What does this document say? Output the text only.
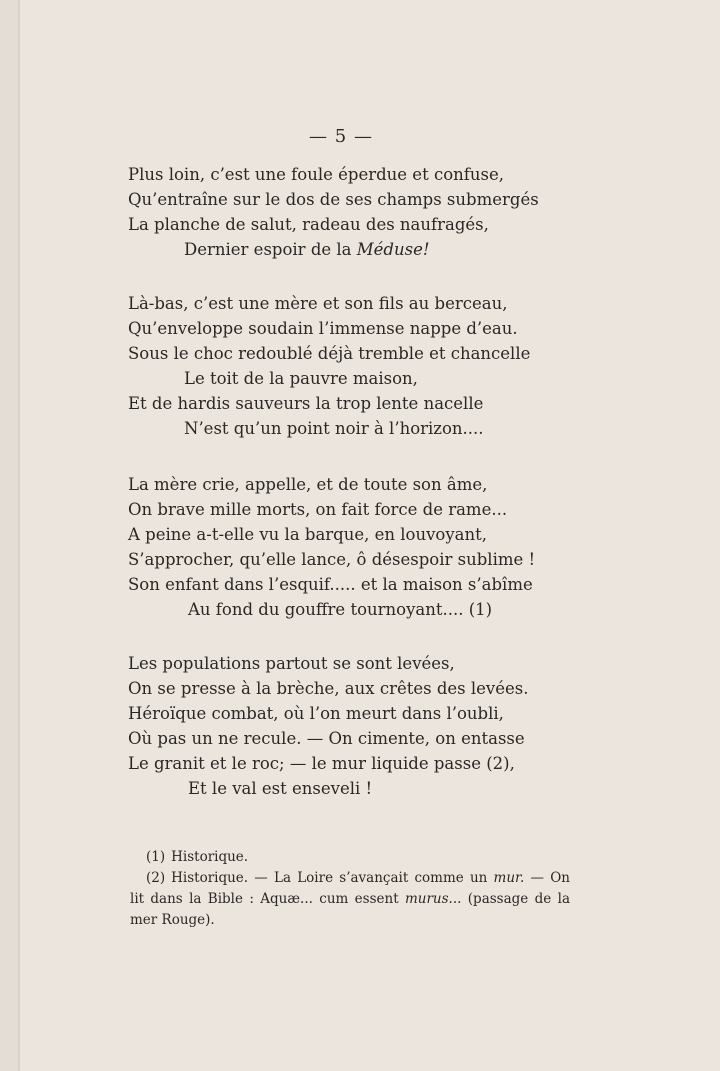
— 5 —
Plus loin, c’est une foule éperdue et confuse,
Qu’entraîne sur le dos de ses champs submergés
La planche de salut, radeau des naufragés,
Dernier espoir de la Méduse!
Là-bas, c’est une mère et son fils au berceau,
Qu’enveloppe soudain l’immense nappe d’eau.
Sous le choc redoublé déjà tremble et chancelle
Le toit de la pauvre maison,
Et de hardis sauveurs la trop lente nacelle
N’est qu’un point noir à l’horizon....
La mère crie, appelle, et de toute son âme,
On brave mille morts, on fait force de rame...
A peine a-t-elle vu la barque, en louvoyant,
S’approcher, qu’elle lance, ô désespoir sublime !
Son enfant dans l’esquif..... et la maison s’abîme
Au fond du gouffre tournoyant.... (1)
Les populations partout se sont levées,
On se presse à la brèche, aux crêtes des levées.
Héroïque combat, où l’on meurt dans l’oubli,
Où pas un ne recule. — On cimente, on entasse
Le granit et le roc; — le mur liquide passe (2),
Et le val est enseveli !
(1) Historique.
(2) Historique. — La Loire s’avançait comme un mur. — On lit dans la Bible : Aquæ... cum essent murus... (passage de la mer Rouge).
